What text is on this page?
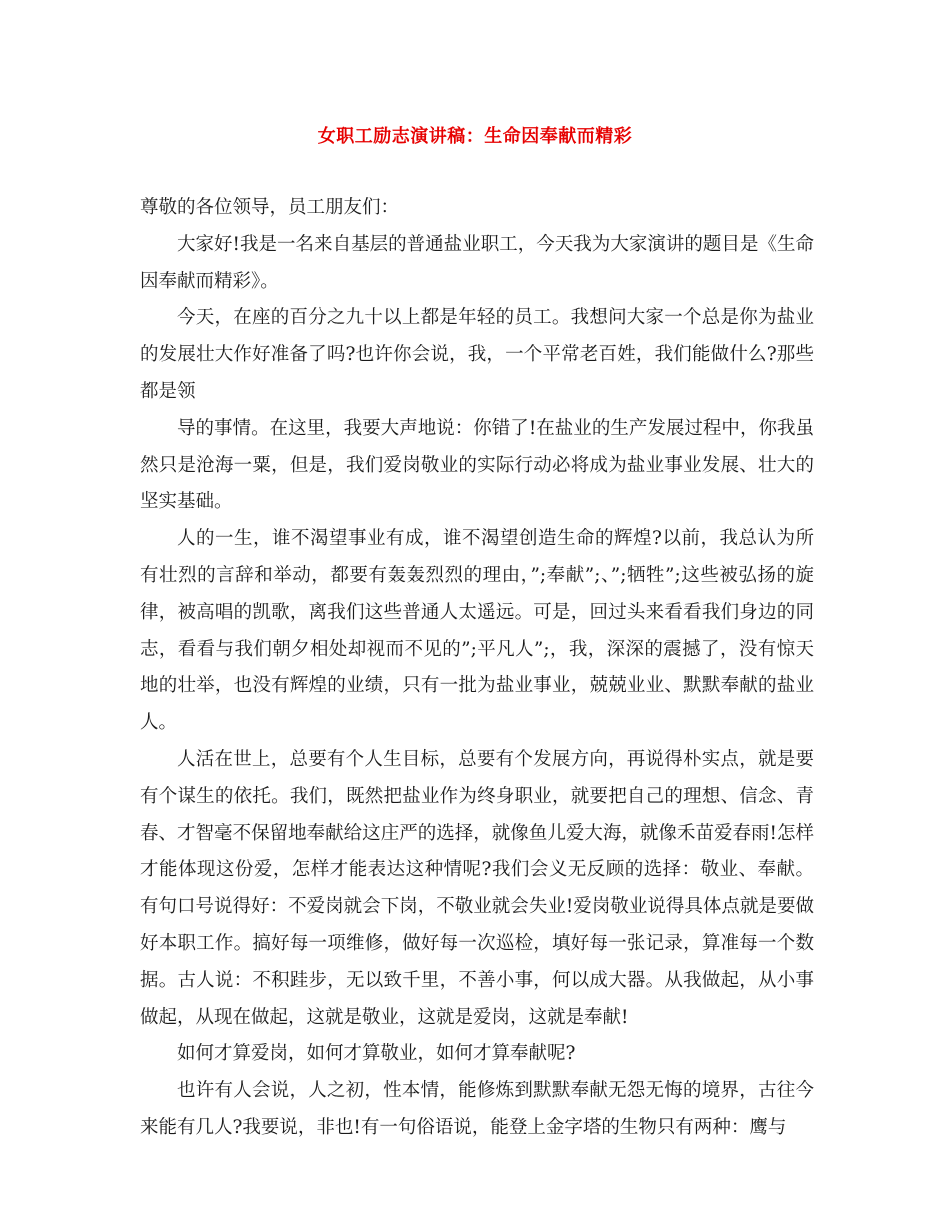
女职工励志演讲稿：生命因奉献而精彩

尊敬的各位领导，员工朋友们：

大家好!我是一名来自基层的普通盐业职工，今天我为大家演讲的题目是《生命因奉献而精彩》。

今天，在座的百分之九十以上都是年轻的员工。我想问大家一个总是你为盐业的发展壮大作好准备了吗?也许你会说，我，一个平常老百姓，我们能做什么?那些都是领

导的事情。在这里，我要大声地说：你错了!在盐业的生产发展过程中，你我虽然只是沧海一粟，但是，我们爱岗敬业的实际行动必将成为盐业事业发展、壮大的坚实基础。

人的一生，谁不渴望事业有成，谁不渴望创造生命的辉煌?以前，我总认为所有壮烈的言辞和举动，都要有轰轰烈烈的理由，”;奉献”;、”;牺牲”;这些被弘扬的旋律，被高唱的凯歌，离我们这些普通人太遥远。可是，回过头来看看我们身边的同志，看看与我们朝夕相处却视而不见的”;平凡人”;，我，深深的震撼了，没有惊天地的壮举，也没有辉煌的业绩，只有一批为盐业事业，兢兢业业、默默奉献的盐业人。

人活在世上，总要有个人生目标，总要有个发展方向，再说得朴实点，就是要有个谋生的依托。我们，既然把盐业作为终身职业，就要把自己的理想、信念、青春、才智毫不保留地奉献给这庄严的选择，就像鱼儿爱大海，就像禾苗爱春雨!怎样才能体现这份爱，怎样才能表达这种情呢?我们会义无反顾的选择：敬业、奉献。有句口号说得好：不爱岗就会下岗，不敬业就会失业!爱岗敬业说得具体点就是要做好本职工作。搞好每一项维修，做好每一次巡检，填好每一张记录，算准每一个数据。古人说：不积跬步，无以致千里，不善小事，何以成大器。从我做起，从小事做起，从现在做起，这就是敬业，这就是爱岗，这就是奉献!

如何才算爱岗，如何才算敬业，如何才算奉献呢?

也许有人会说，人之初，性本情，能修炼到默默奉献无怨无悔的境界，古往今来能有几人?我要说，非也!有一句俗语说，能登上金字塔的生物只有两种：鹰与
